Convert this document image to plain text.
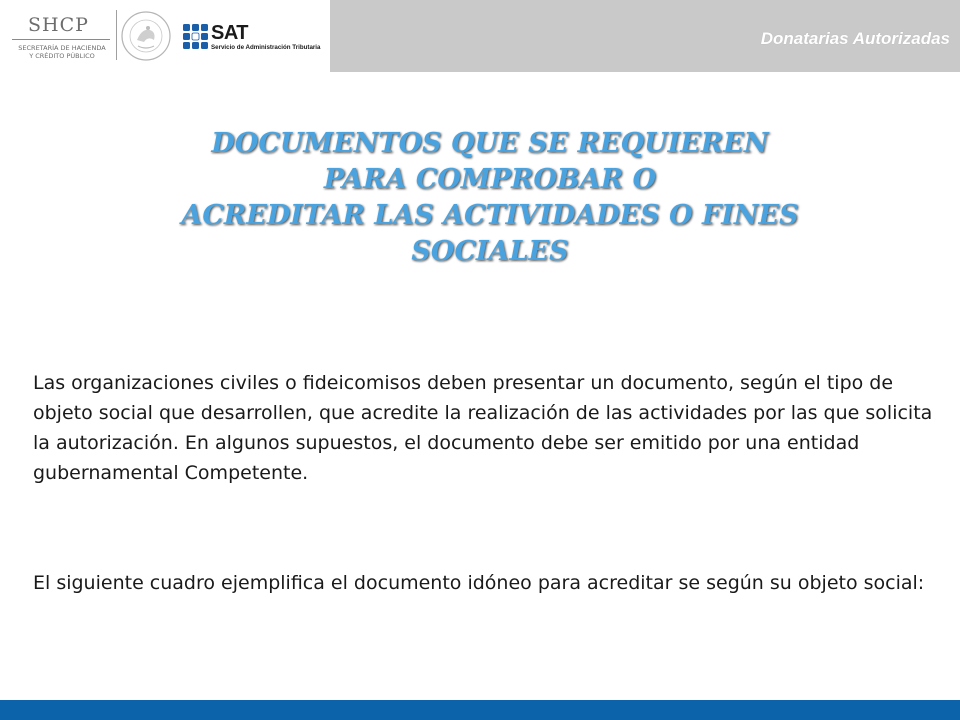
SHCP
SECRETARÍA DE HACIENDA
Y CRÉDITO PÚBLICO
SAT
Servicio de Administración Tributaria	Donatarias Autorizadas
DOCUMENTOS QUE SE REQUIEREN
PARA COMPROBAR O
ACREDITAR LAS ACTIVIDADES O FINES
SOCIALES

Las organizaciones civiles o fideicomisos deben presentar un documento, según el tipo de objeto social que desarrollen, que acredite la realización de las actividades por las que solicita la autorización. En algunos supuestos, el documento debe ser emitido por una entidad gubernamental Competente.

El siguiente cuadro ejemplifica el documento idóneo para acreditar se según su objeto social:
